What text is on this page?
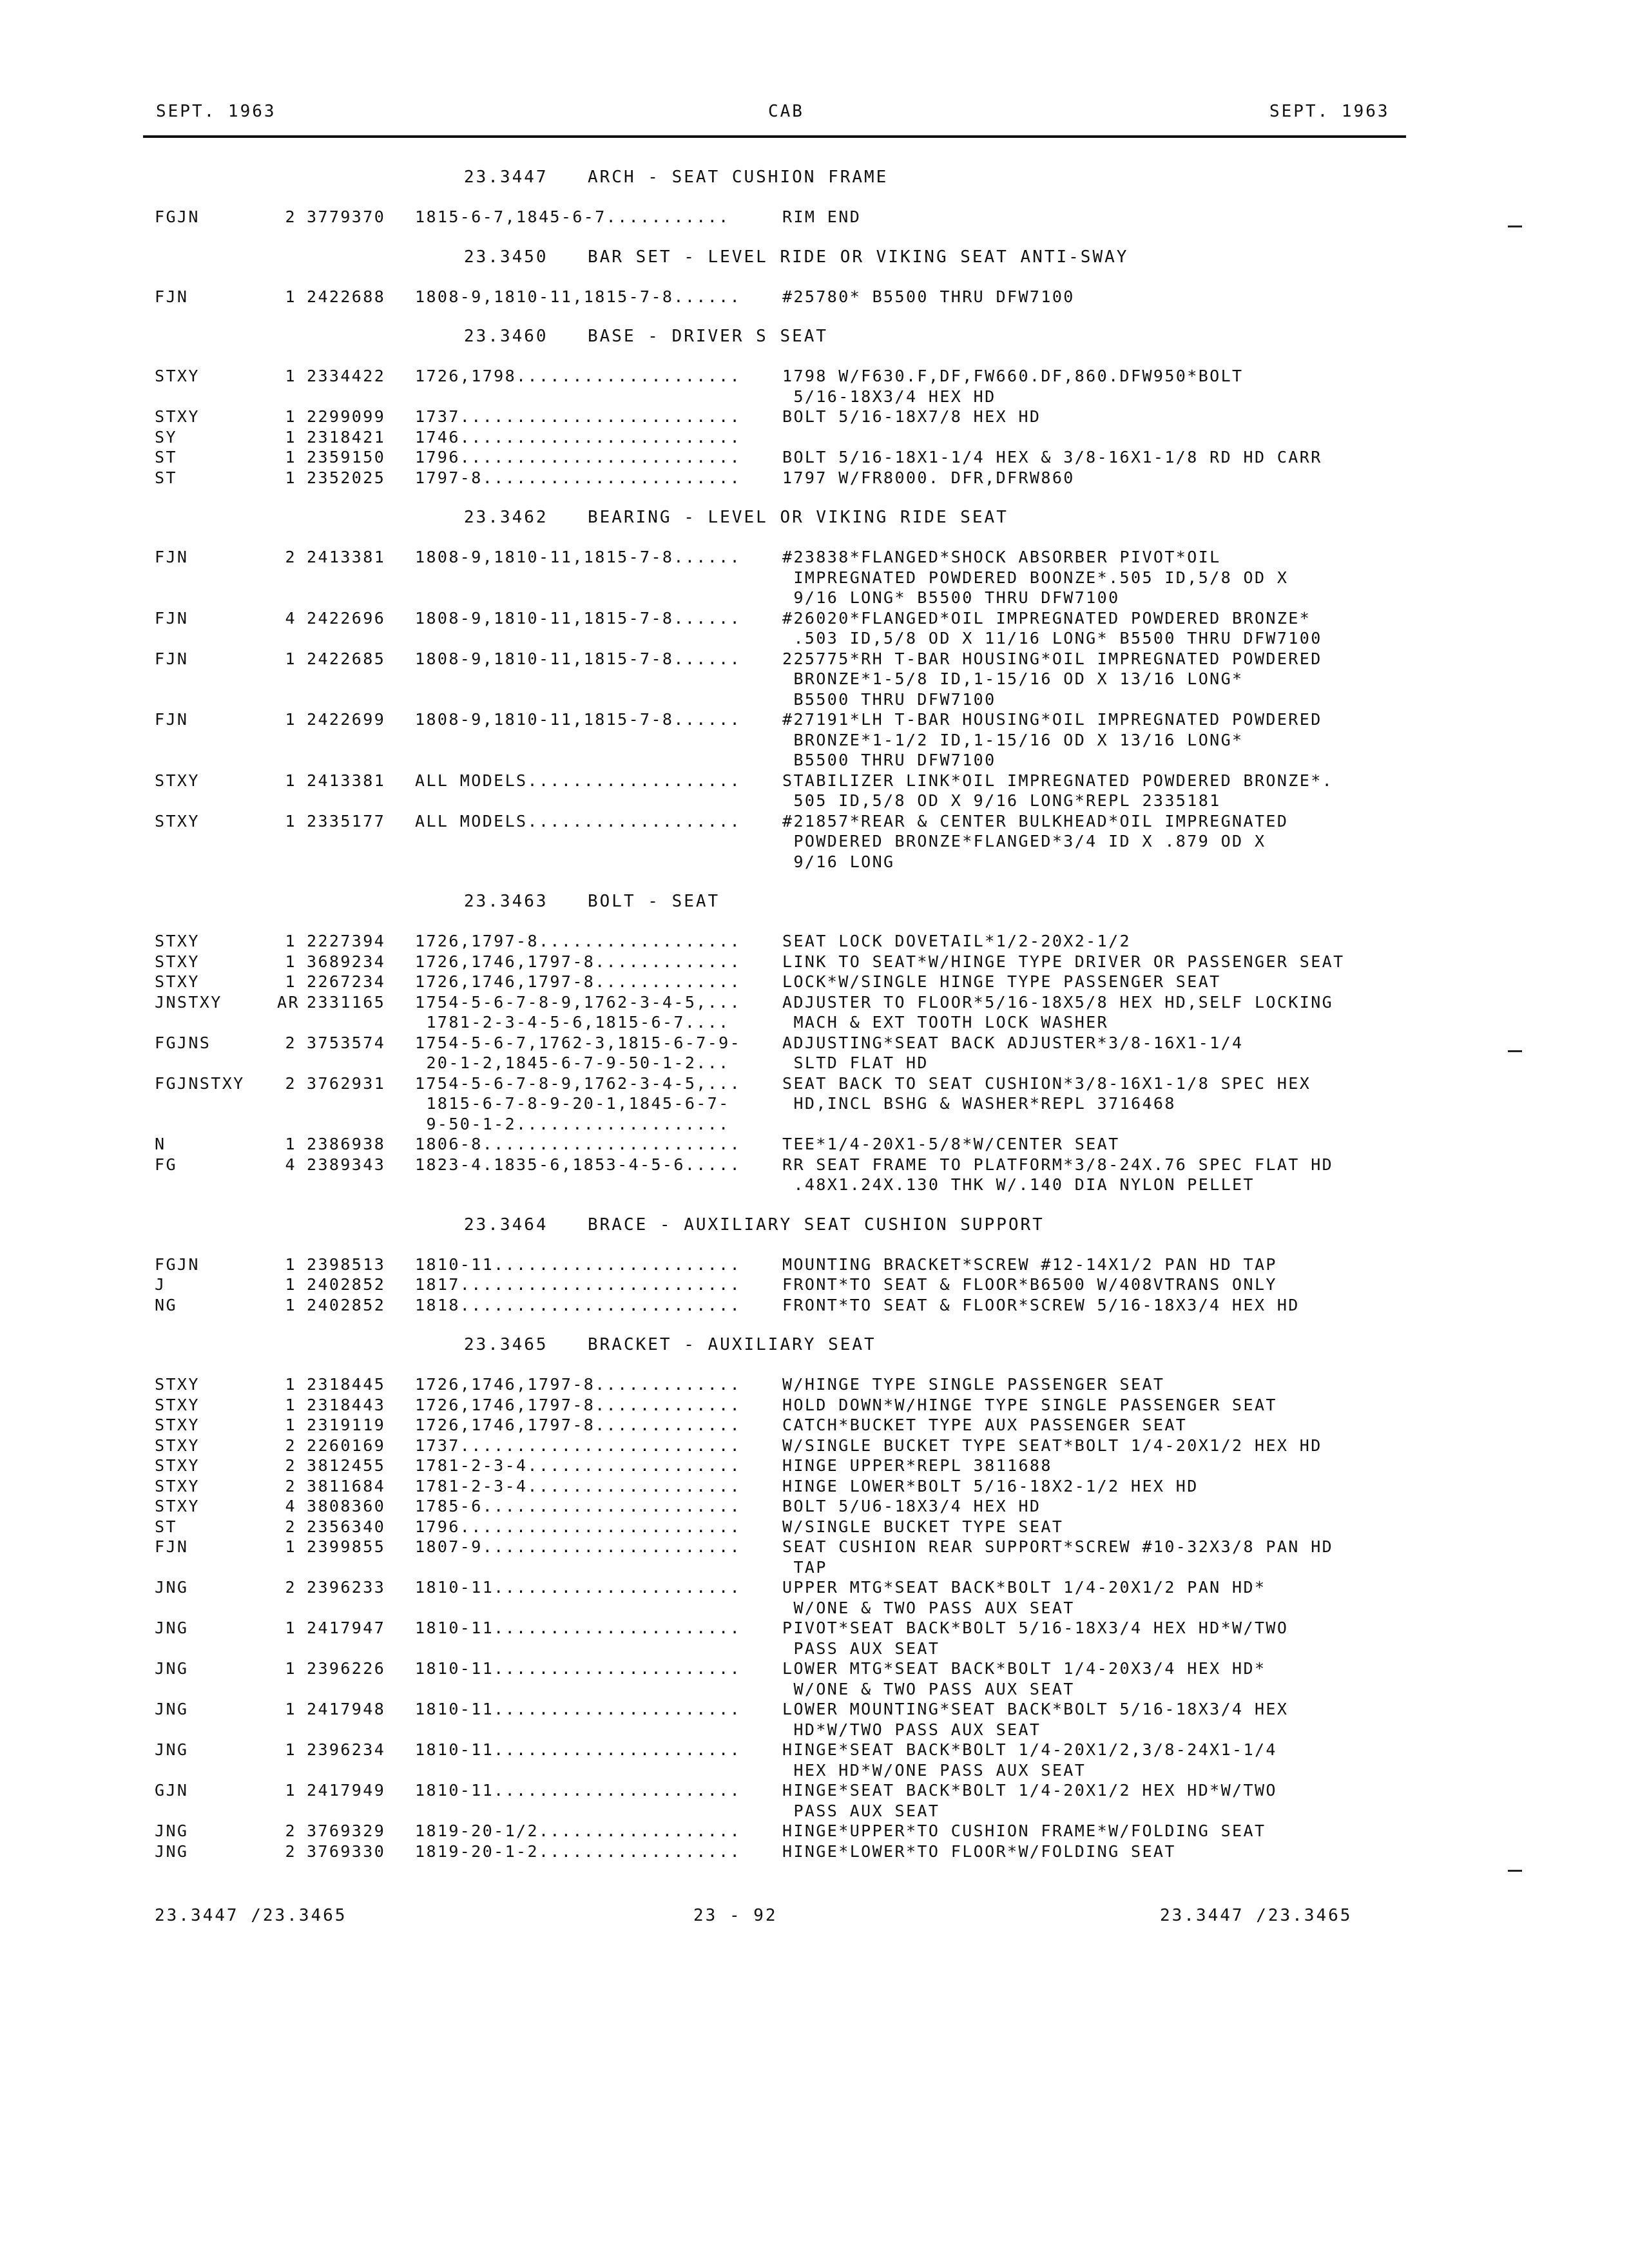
SEPT. 1963	CAB	SEPT. 1963
23.3447 ARCH - SEAT CUSHION FRAME
FGJN	2 3779370 1815-6-7,1845-6-7...........	RIM END
23.3450 BAR SET - LEVEL RIDE OR VIKING SEAT ANTI-SWAY
FJN	1 2422688 1808-9,1810-11,1815-7-8......	#25780* B5500 THRU DFW7100
23.3460 BASE - DRIVER S SEAT
STXY	1 2334422 1726,1798....................	1798 W/F630.F,DF,FW660.DF,860.DFW950*BOLT
5/16-18X3/4 HEX HD
STXY	1 2299099 1737.........................	BOLT 5/16-18X7/8 HEX HD
SY	1 2318421 1746.........................
ST	1 2359150 1796.........................	BOLT 5/16-18X1-1/4 HEX & 3/8-16X1-1/8 RD HD CARR
ST	1 2352025 1797-8.......................	1797 W/FR8000. DFR,DFRW860
23.3462 BEARING - LEVEL OR VIKING RIDE SEAT
FJN	2 2413381 1808-9,1810-11,1815-7-8......	#23838*FLANGED*SHOCK ABSORBER PIVOT*OIL
IMPREGNATED POWDERED BOONZE*.505 ID,5/8 OD X
9/16 LONG* B5500 THRU DFW7100
FJN	4 2422696 1808-9,1810-11,1815-7-8......	#26020*FLANGED*OIL IMPREGNATED POWDERED BRONZE*
.503 ID,5/8 OD X 11/16 LONG* B5500 THRU DFW7100
FJN	1 2422685 1808-9,1810-11,1815-7-8......	225775*RH T-BAR HOUSING*OIL IMPREGNATED POWDERED
BRONZE*1-5/8 ID,1-15/16 OD X 13/16 LONG*
B5500 THRU DFW7100
FJN	1 2422699 1808-9,1810-11,1815-7-8......	#27191*LH T-BAR HOUSING*OIL IMPREGNATED POWDERED
BRONZE*1-1/2 ID,1-15/16 OD X 13/16 LONG*
B5500 THRU DFW7100
STXY	1 2413381 ALL MODELS...................	STABILIZER LINK*OIL IMPREGNATED POWDERED BRONZE*.
505 ID,5/8 OD X 9/16 LONG*REPL 2335181
STXY	1 2335177 ALL MODELS...................	#21857*REAR & CENTER BULKHEAD*OIL IMPREGNATED
POWDERED BRONZE*FLANGED*3/4 ID X .879 OD X
9/16 LONG
23.3463 BOLT - SEAT
STXY	1 2227394 1726,1797-8..................	SEAT LOCK DOVETAIL*1/2-20X2-1/2
STXY	1 3689234 1726,1746,1797-8.............	LINK TO SEAT*W/HINGE TYPE DRIVER OR PASSENGER SEAT
STXY	1 2267234 1726,1746,1797-8.............	LOCK*W/SINGLE HINGE TYPE PASSENGER SEAT
JNSTXY	AR 2331165 1754-5-6-7-8-9,1762-3-4-5,...	ADJUSTER TO FLOOR*5/16-18X5/8 HEX HD,SELF LOCKING
1781-2-3-4-5-6,1815-6-7....	MACH & EXT TOOTH LOCK WASHER
FGJNS	2 3753574 1754-5-6-7,1762-3,1815-6-7-9-	ADJUSTING*SEAT BACK ADJUSTER*3/8-16X1-1/4
20-1-2,1845-6-7-9-50-1-2...	SLTD FLAT HD
FGJNSTXY	2 3762931 1754-5-6-7-8-9,1762-3-4-5,...	SEAT BACK TO SEAT CUSHION*3/8-16X1-1/8 SPEC HEX
1815-6-7-8-9-20-1,1845-6-7-	HD,INCL BSHG & WASHER*REPL 3716468
9-50-1-2...................
N	1 2386938 1806-8.......................	TEE*1/4-20X1-5/8*W/CENTER SEAT
FG	4 2389343 1823-4.1835-6,1853-4-5-6.....	RR SEAT FRAME TO PLATFORM*3/8-24X.76 SPEC FLAT HD
.48X1.24X.130 THK W/.140 DIA NYLON PELLET
23.3464 BRACE - AUXILIARY SEAT CUSHION SUPPORT
FGJN	1 2398513 1810-11......................	MOUNTING BRACKET*SCREW #12-14X1/2 PAN HD TAP
J	1 2402852 1817.........................	FRONT*TO SEAT & FLOOR*B6500 W/408VTRANS ONLY
NG	1 2402852 1818.........................	FRONT*TO SEAT & FLOOR*SCREW 5/16-18X3/4 HEX HD
23.3465 BRACKET - AUXILIARY SEAT
STXY	1 2318445 1726,1746,1797-8.............	W/HINGE TYPE SINGLE PASSENGER SEAT
STXY	1 2318443 1726,1746,1797-8.............	HOLD DOWN*W/HINGE TYPE SINGLE PASSENGER SEAT
STXY	1 2319119 1726,1746,1797-8.............	CATCH*BUCKET TYPE AUX PASSENGER SEAT
STXY	2 2260169 1737.........................	W/SINGLE BUCKET TYPE SEAT*BOLT 1/4-20X1/2 HEX HD
STXY	2 3812455 1781-2-3-4...................	HINGE UPPER*REPL 3811688
STXY	2 3811684 1781-2-3-4...................	HINGE LOWER*BOLT 5/16-18X2-1/2 HEX HD
STXY	4 3808360 1785-6.......................	BOLT 5/U6-18X3/4 HEX HD
ST	2 2356340 1796.........................	W/SINGLE BUCKET TYPE SEAT
FJN	1 2399855 1807-9.......................	SEAT CUSHION REAR SUPPORT*SCREW #10-32X3/8 PAN HD
TAP
JNG	2 2396233 1810-11......................	UPPER MTG*SEAT BACK*BOLT 1/4-20X1/2 PAN HD*
W/ONE & TWO PASS AUX SEAT
JNG	1 2417947 1810-11......................	PIVOT*SEAT BACK*BOLT 5/16-18X3/4 HEX HD*W/TWO
PASS AUX SEAT
JNG	1 2396226 1810-11......................	LOWER MTG*SEAT BACK*BOLT 1/4-20X3/4 HEX HD*
W/ONE & TWO PASS AUX SEAT
JNG	1 2417948 1810-11......................	LOWER MOUNTING*SEAT BACK*BOLT 5/16-18X3/4 HEX
HD*W/TWO PASS AUX SEAT
JNG	1 2396234 1810-11......................	HINGE*SEAT BACK*BOLT 1/4-20X1/2,3/8-24X1-1/4
HEX HD*W/ONE PASS AUX SEAT
GJN	1 2417949 1810-11......................	HINGE*SEAT BACK*BOLT 1/4-20X1/2 HEX HD*W/TWO
PASS AUX SEAT
JNG	2 3769329 1819-20-1/2..................	HINGE*UPPER*TO CUSHION FRAME*W/FOLDING SEAT
JNG	2 3769330 1819-20-1-2..................	HINGE*LOWER*TO FLOOR*W/FOLDING SEAT
23.3447 /23.3465	23 - 92	23.3447 /23.3465
